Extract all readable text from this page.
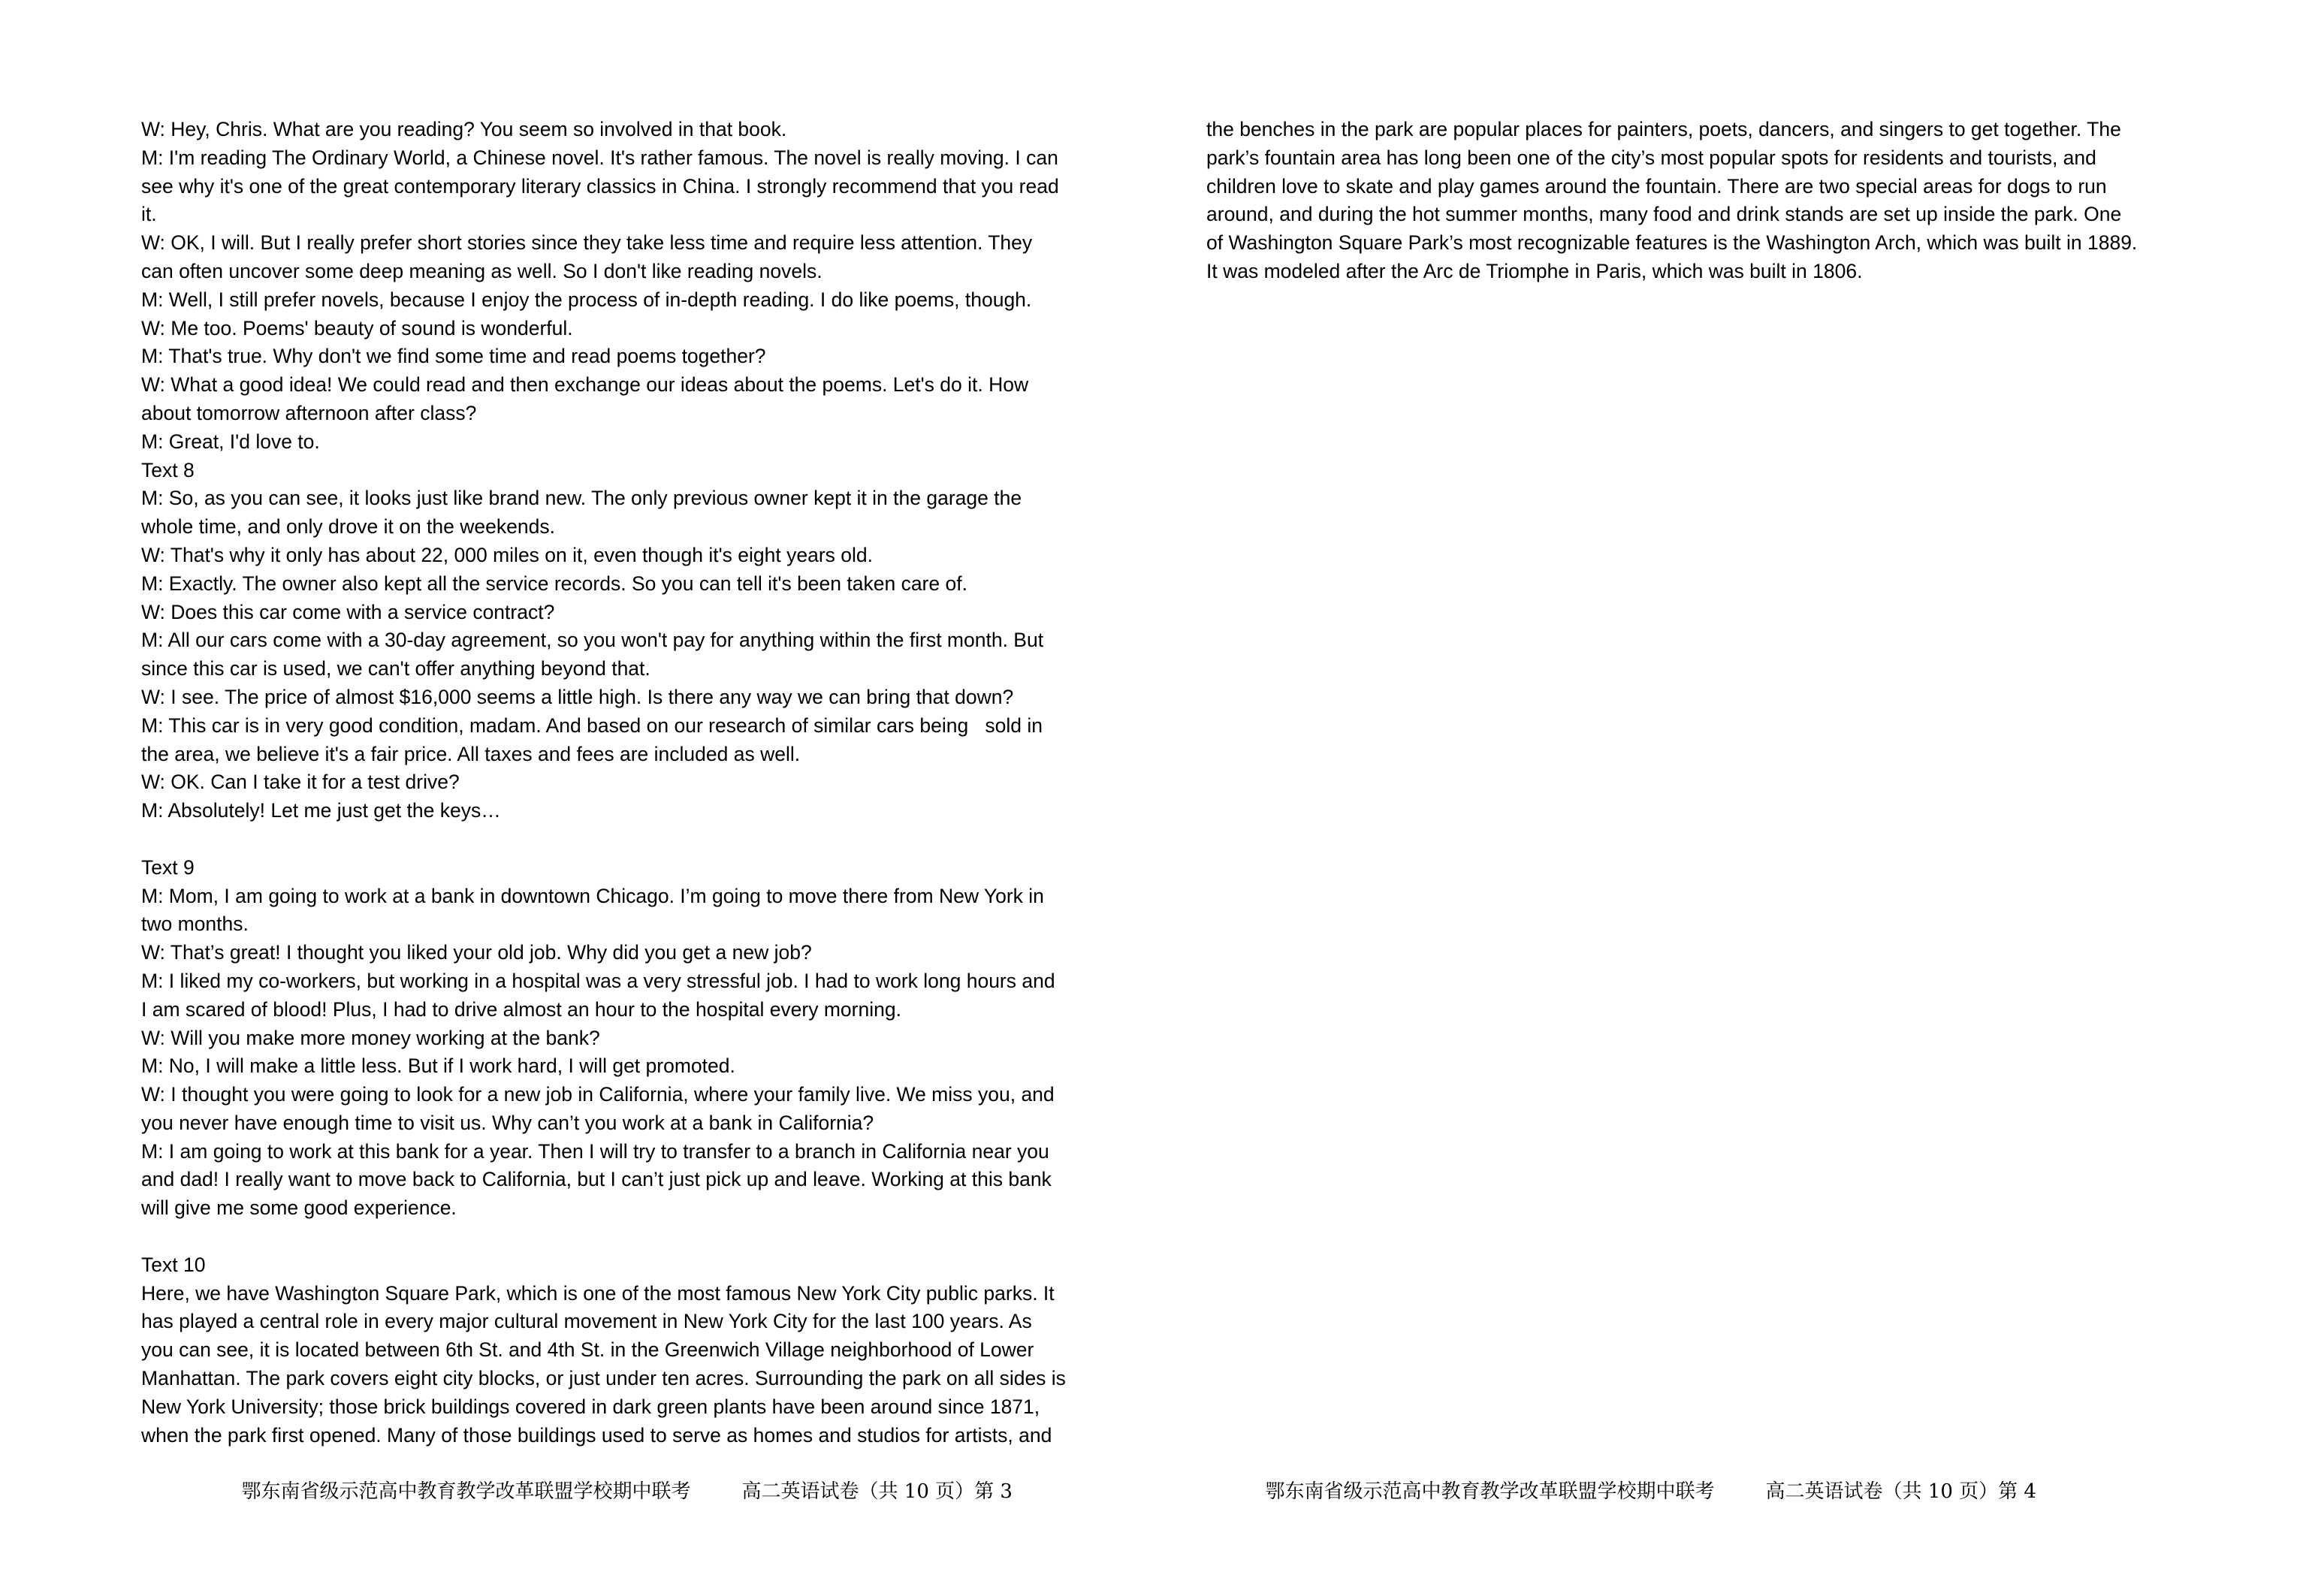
W: Hey, Chris. What are you reading? You seem so involved in that book.
M: I'm reading The Ordinary World, a Chinese novel. It's rather famous. The novel is really moving. I can
see why it's one of the great contemporary literary classics in China. I strongly recommend that you read
it.
W: OK, I will. But I really prefer short stories since they take less time and require less attention. They
can often uncover some deep meaning as well. So I don't like reading novels.
M: Well, I still prefer novels, because I enjoy the process of in-depth reading. I do like poems, though.
W: Me too. Poems' beauty of sound is wonderful.
M: That's true. Why don't we find some time and read poems together?
W: What a good idea! We could read and then exchange our ideas about the poems. Let's do it. How
about tomorrow afternoon after class?
M: Great, I'd love to.
Text 8
M: So, as you can see, it looks just like brand new. The only previous owner kept it in the garage the
whole time, and only drove it on the weekends.
W: That's why it only has about 22, 000 miles on it, even though it's eight years old.
M: Exactly. The owner also kept all the service records. So you can tell it's been taken care of.
W: Does this car come with a service contract?
M: All our cars come with a 30-day agreement, so you won't pay for anything within the first month. But
since this car is used, we can't offer anything beyond that.
W: I see. The price of almost $16,000 seems a little high. Is there any way we can bring that down?
M: This car is in very good condition, madam. And based on our research of similar cars being   sold in
the area, we believe it's a fair price. All taxes and fees are included as well.
W: OK. Can I take it for a test drive?
M: Absolutely! Let me just get the keys…
Text 9
M: Mom, I am going to work at a bank in downtown Chicago. I’m going to move there from New York in
two months.
W: That’s great! I thought you liked your old job. Why did you get a new job?
M: I liked my co-workers, but working in a hospital was a very stressful job. I had to work long hours and
I am scared of blood! Plus, I had to drive almost an hour to the hospital every morning.
W: Will you make more money working at the bank?
M: No, I will make a little less. But if I work hard, I will get promoted.
W: I thought you were going to look for a new job in California, where your family live. We miss you, and
you never have enough time to visit us. Why can’t you work at a bank in California?
M: I am going to work at this bank for a year. Then I will try to transfer to a branch in California near you
and dad! I really want to move back to California, but I can’t just pick up and leave. Working at this bank
will give me some good experience.
Text 10
Here, we have Washington Square Park, which is one of the most famous New York City public parks. It
has played a central role in every major cultural movement in New York City for the last 100 years. As
you can see, it is located between 6th St. and 4th St. in the Greenwich Village neighborhood of Lower
Manhattan. The park covers eight city blocks, or just under ten acres. Surrounding the park on all sides is
New York University; those brick buildings covered in dark green plants have been around since 1871,
when the park first opened. Many of those buildings used to serve as homes and studios for artists, and
the benches in the park are popular places for painters, poets, dancers, and singers to get together. The
park’s fountain area has long been one of the city’s most popular spots for residents and tourists, and
children love to skate and play games around the fountain. There are two special areas for dogs to run
around, and during the hot summer months, many food and drink stands are set up inside the park. One
of Washington Square Park’s most recognizable features is the Washington Arch, which was built in 1889.
It was modeled after the Arc de Triomphe in Paris, which was built in 1806.

鄂东南省级示范高中教育教学改革联盟学校期中联考	高二英语试卷（共 10 页）第 3	鄂东南省级示范高中教育教学改革联盟学校期中联考	高二英语试卷（共 10 页）第 4
